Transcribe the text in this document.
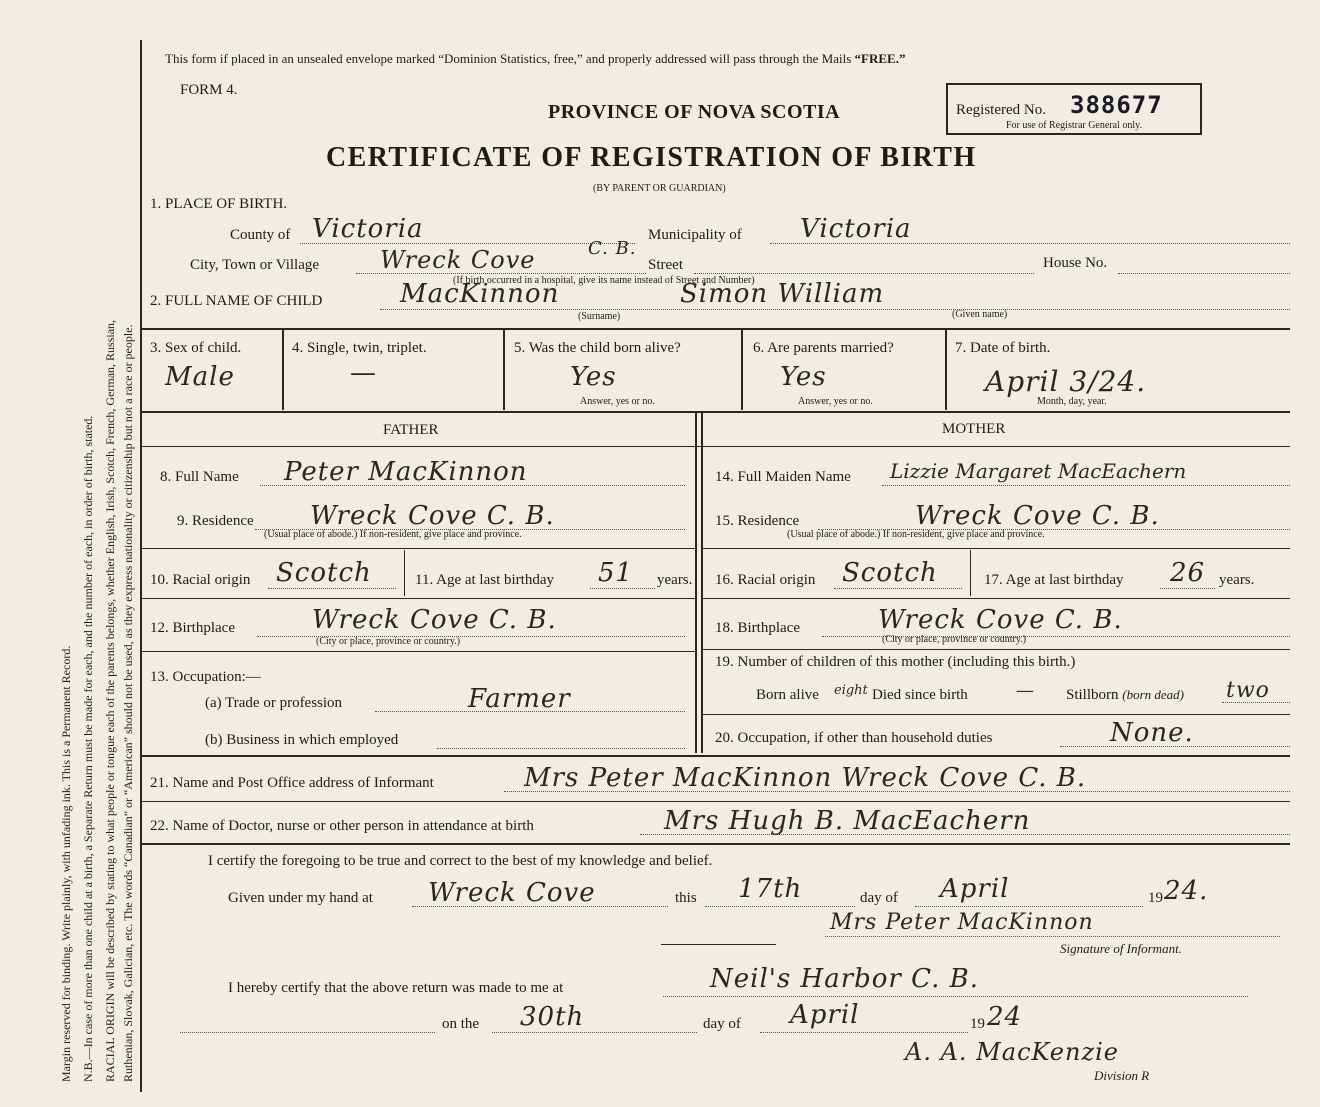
Margin reserved for binding. Write plainly, with unfading ink. This is a Permanent Record. N.B.—In case of more than one child at a birth, a Separate Return must be made for each, and the number of each, in order of birth, stated. RACIAL ORIGIN will be described by stating to what people or tongue each of the parents belongs, whether English, Irish, Scotch, French, German, Russian, Ruthenian, Slovak, Galician, etc. The words “Canadian” or “American” should not be used, as they express nationality or citizenship but not a race or people.
This form if placed in an unsealed envelope marked “Dominion Statistics, free,” and properly addressed will pass through the Mails “FREE.”
FORM 4.
PROVINCE OF NOVA SCOTIA	Registered No. 388677
For use of Registrar General only.
CERTIFICATE OF REGISTRATION OF BIRTH
(BY PARENT OR GUARDIAN)
1. PLACE OF BIRTH.
County of Victoria	Municipality of Victoria
City, Town or Village	Wreck Cove	C. B.
Street	House No.
(If birth occurred in a hospital, give its name instead of Street and Number)
2. FULL NAME OF CHILD	MacKinnon	Simon William
(Surname)	(Given name)
3. Sex of child.
Male
4. Single, twin, triplet.
—
5. Was the child born alive?
Yes
Answer, yes or no.
6. Are parents married?
Yes
Answer, yes or no.
7. Date of birth.
April 3/24.
Month, day, year.
FATHER	MOTHER
8. Full Name Peter MacKinnon
9. Residence Wreck Cove C. B.
(Usual place of abode.) If non-resident, give place and province.
10. Racial origin Scotch	11. Age at last birthday 51 years.
12. Birthplace	Wreck Cove C. B.
(City or place, province or country.)
13. Occupation:—
(a) Trade or profession	Farmer
(b) Business in which employed
14. Full Maiden Name Lizzie Margaret MacEachern
15. Residence	Wreck Cove C. B.
(Usual place of abode.) If non-resident, give place and province.
16. Racial origin Scotch	17. Age at last birthday 26 years.
18. Birthplace	Wreck Cove C. B.
(City or place, province or country.)
19. Number of children of this mother (including this birth.)
Born alive eight Died since birth	— Stillborn (born dead) two
20. Occupation, if other than household duties	None.
21. Name and Post Office address of Informant	Mrs Peter MacKinnon Wreck Cove C. B.
22. Name of Doctor, nurse or other person in attendance at birth	Mrs Hugh B. MacEachern
I certify the foregoing to be true and correct to the best of my knowledge and belief.
Given under my hand at Wreck Cove	this 17th	day of April	19 24.
Mrs Peter MacKinnon
Signature of Informant.
I hereby certify that the above return was made to me at	Neil's Harbor C. B.
on the 30th	day of April	19 24
A. A. MacKenzie
Division R
